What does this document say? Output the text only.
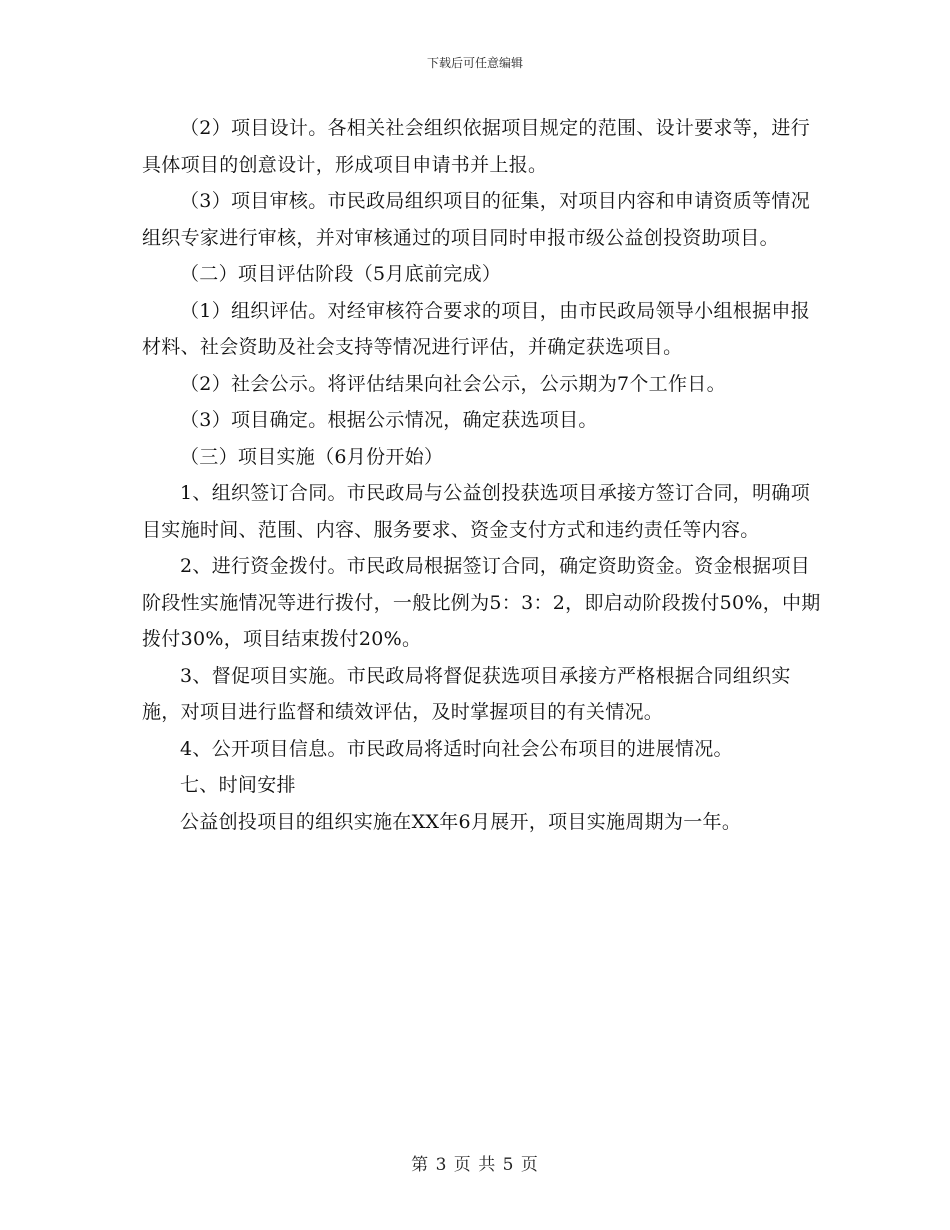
下载后可任意编辑

（2）项目设计。各相关社会组织依据项目规定的范围、设计要求等，进行具体项目的创意设计，形成项目申请书并上报。

（3）项目审核。市民政局组织项目的征集，对项目内容和申请资质等情况组织专家进行审核，并对审核通过的项目同时申报市级公益创投资助项目。

（二）项目评估阶段（5月底前完成）

（1）组织评估。对经审核符合要求的项目，由市民政局领导小组根据申报材料、社会资助及社会支持等情况进行评估，并确定获选项目。

（2）社会公示。将评估结果向社会公示，公示期为7个工作日。

（3）项目确定。根据公示情况，确定获选项目。

（三）项目实施（6月份开始）

1、组织签订合同。市民政局与公益创投获选项目承接方签订合同，明确项目实施时间、范围、内容、服务要求、资金支付方式和违约责任等内容。

2、进行资金拨付。市民政局根据签订合同，确定资助资金。资金根据项目阶段性实施情况等进行拨付，一般比例为5：3：2，即启动阶段拨付50%，中期拨付30%，项目结束拨付20%。

3、督促项目实施。市民政局将督促获选项目承接方严格根据合同组织实施，对项目进行监督和绩效评估，及时掌握项目的有关情况。

4、公开项目信息。市民政局将适时向社会公布项目的进展情况。

七、时间安排

公益创投项目的组织实施在XX年6月展开，项目实施周期为一年。

第 3 页 共 5 页
